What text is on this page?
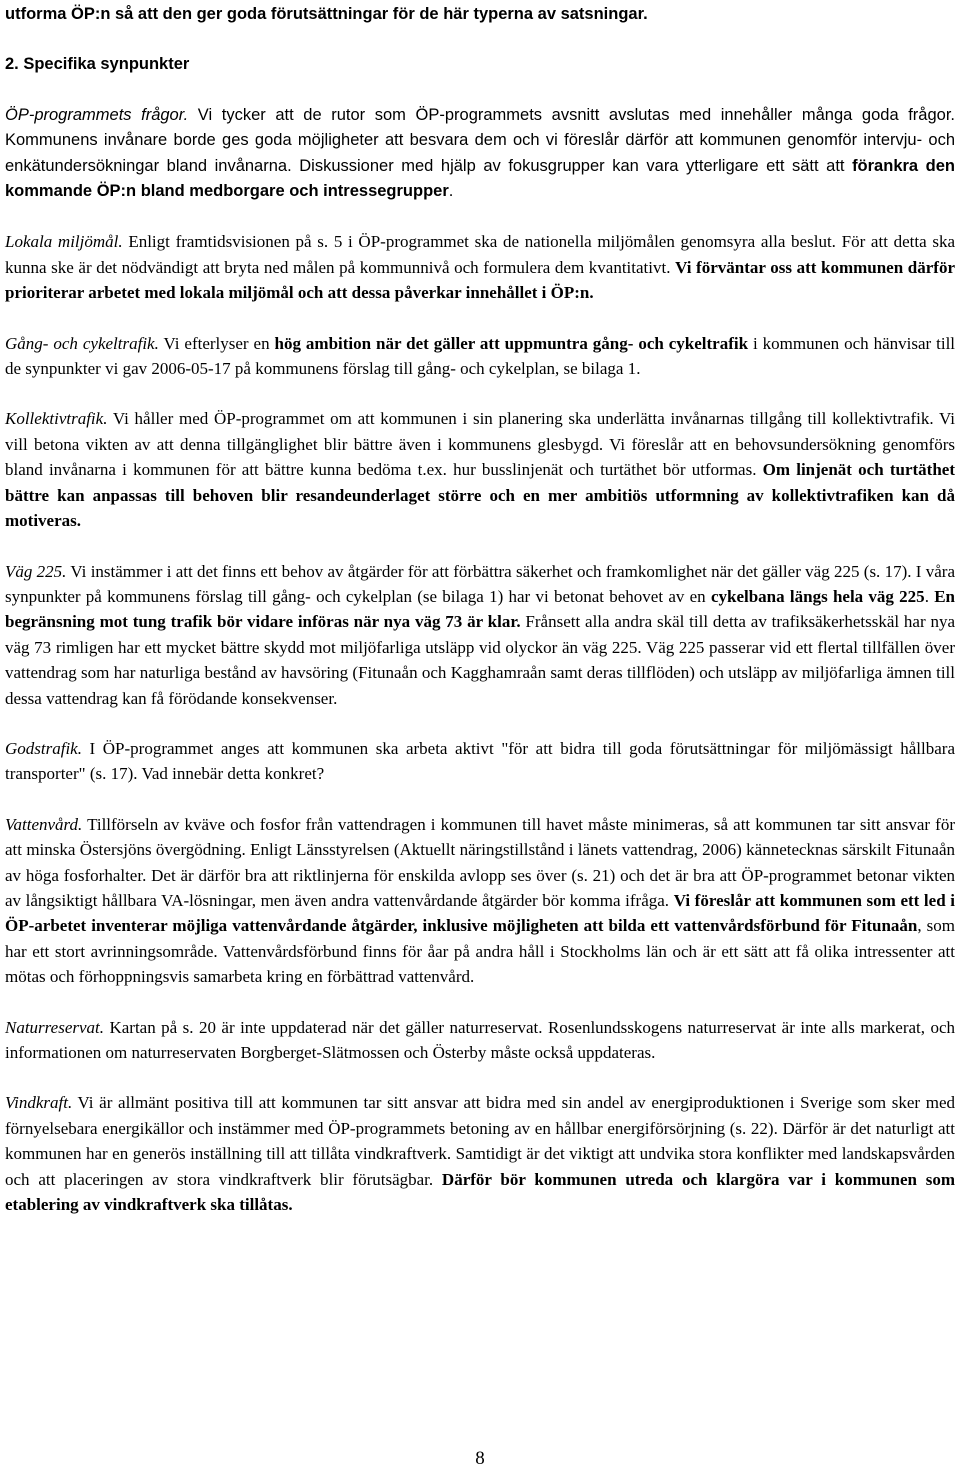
utforma ÖP:n så att den ger goda förutsättningar för de här typerna av satsningar.

2. Specifika synpunkter

ÖP-programmets frågor. Vi tycker att de rutor som ÖP-programmets avsnitt avslutas med innehåller många goda frågor. Kommunens invånare borde ges goda möjligheter att besvara dem och vi föreslår därför att kommunen genomför intervju- och enkätundersökningar bland invånarna. Diskussioner med hjälp av fokusgrupper kan vara ytterligare ett sätt att förankra den kommande ÖP:n bland medborgare och intressegrupper.

Lokala miljömål. Enligt framtidsvisionen på s. 5 i ÖP-programmet ska de nationella miljömålen genomsyra alla beslut. För att detta ska kunna ske är det nödvändigt att bryta ned målen på kommunnivå och formulera dem kvantitativt. Vi förväntar oss att kommunen därför prioriterar arbetet med lokala miljömål och att dessa påverkar innehållet i ÖP:n.

Gång- och cykeltrafik. Vi efterlyser en hög ambition när det gäller att uppmuntra gång- och cykeltrafik i kommunen och hänvisar till de synpunkter vi gav 2006-05-17 på kommunens förslag till gång- och cykelplan, se bilaga 1.

Kollektivtrafik. Vi håller med ÖP-programmet om att kommunen i sin planering ska underlätta invånarnas tillgång till kollektivtrafik. Vi vill betona vikten av att denna tillgänglighet blir bättre även i kommunens glesbygd. Vi föreslår att en behovsundersökning genomförs bland invånarna i kommunen för att bättre kunna bedöma t.ex. hur busslinjenät och turtäthet bör utformas. Om linjenät och turtäthet bättre kan anpassas till behoven blir resandeunderlaget större och en mer ambitiös utformning av kollektivtrafiken kan då motiveras.

Väg 225. Vi instämmer i att det finns ett behov av åtgärder för att förbättra säkerhet och framkomlighet när det gäller väg 225 (s. 17). I våra synpunkter på kommunens förslag till gång- och cykelplan (se bilaga 1) har vi betonat behovet av en cykelbana längs hela väg 225. En begränsning mot tung trafik bör vidare införas när nya väg 73 är klar. Frånsett alla andra skäl till detta av trafiksäkerhetsskäl har nya väg 73 rimligen har ett mycket bättre skydd mot miljöfarliga utsläpp vid olyckor än väg 225. Väg 225 passerar vid ett flertal tillfällen över vattendrag som har naturliga bestånd av havsöring (Fitunaån och Kagghamraån samt deras tillflöden) och utsläpp av miljöfarliga ämnen till dessa vattendrag kan få förödande konsekvenser.

Godstrafik. I ÖP-programmet anges att kommunen ska arbeta aktivt "för att bidra till goda förutsättningar för miljömässigt hållbara transporter" (s. 17). Vad innebär detta konkret?

Vattenvård. Tillförseln av kväve och fosfor från vattendragen i kommunen till havet måste minimeras, så att kommunen tar sitt ansvar för att minska Östersjöns övergödning. Enligt Länsstyrelsen (Aktuellt näringstillstånd i länets vattendrag, 2006) kännetecknas särskilt Fitunaån av höga fosforhalter. Det är därför bra att riktlinjerna för enskilda avlopp ses över (s. 21) och det är bra att ÖP-programmet betonar vikten av långsiktigt hållbara VA-lösningar, men även andra vattenvårdande åtgärder bör komma ifråga. Vi föreslår att kommunen som ett led i ÖP-arbetet inventerar möjliga vattenvårdande åtgärder, inklusive möjligheten att bilda ett vattenvårdsförbund för Fitunaån, som har ett stort avrinningsområde. Vattenvårdsförbund finns för åar på andra håll i Stockholms län och är ett sätt att få olika intressenter att mötas och förhoppningsvis samarbeta kring en förbättrad vattenvård.

Naturreservat. Kartan på s. 20 är inte uppdaterad när det gäller naturreservat. Rosenlundsskogens naturreservat är inte alls markerat, och informationen om naturreservaten Borgberget-Slätmossen och Österby måste också uppdateras.

Vindkraft. Vi är allmänt positiva till att kommunen tar sitt ansvar att bidra med sin andel av energiproduktionen i Sverige som sker med förnyelsebara energikällor och instämmer med ÖP-programmets betoning av en hållbar energiförsörjning (s. 22). Därför är det naturligt att kommunen har en generös inställning till att tillåta vindkraftverk. Samtidigt är det viktigt att undvika stora konflikter med landskapsvården och att placeringen av stora vindkraftverk blir förutsägbar. Därför bör kommunen utreda och klargöra var i kommunen som etablering av vindkraftverk ska tillåtas.

8
